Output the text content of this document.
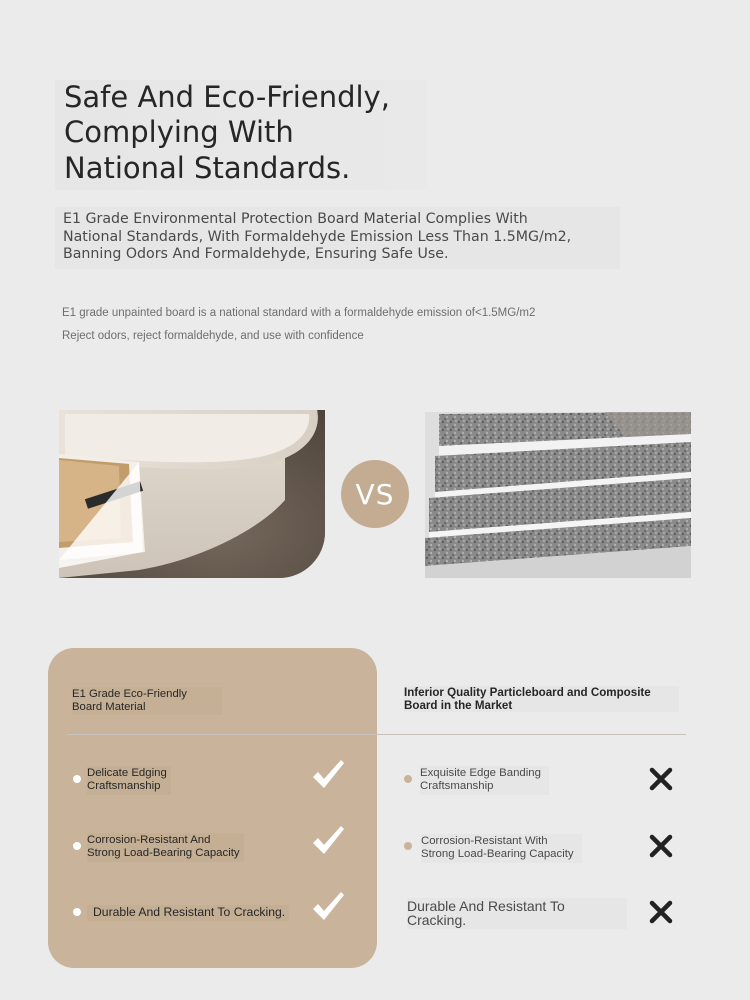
Safe And Eco-Friendly,
Complying With
National Standards.
E1 Grade Environmental Protection Board Material Complies With
National Standards, With Formaldehyde Emission Less Than 1.5MG/m2,
Banning Odors And Formaldehyde, Ensuring Safe Use.
E1 grade unpainted board is a national standard with a formaldehyde emission of<1.5MG/m2
Reject odors, reject formaldehyde, and use with confidence
VS
E1 Grade Eco-Friendly
Board Material
Inferior Quality Particleboard and Composite
Board in the Market
Delicate Edging
Craftsmanship
Corrosion-Resistant And
Strong Load-Bearing Capacity
Durable And Resistant To Cracking.
Exquisite Edge Banding
Craftsmanship
Corrosion-Resistant With
Strong Load-Bearing Capacity
Durable And Resistant To
Cracking.
